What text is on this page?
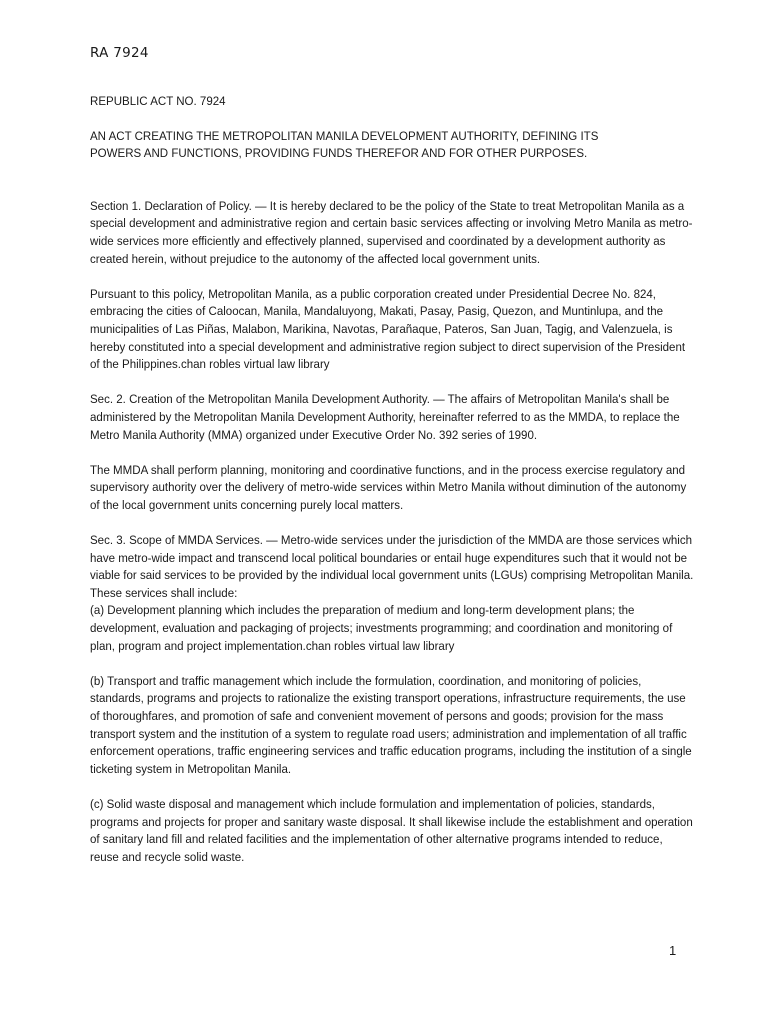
RA 7924

REPUBLIC ACT NO. 7924

AN ACT CREATING THE METROPOLITAN MANILA DEVELOPMENT AUTHORITY, DEFINING ITS
POWERS AND FUNCTIONS, PROVIDING FUNDS THEREFOR AND FOR OTHER PURPOSES.

Section 1. Declaration of Policy. — It is hereby declared to be the policy of the State to treat Metropolitan Manila as a special development and administrative region and certain basic services affecting or involving Metro Manila as metro-wide services more efficiently and effectively planned, supervised and coordinated by a development authority as created herein, without prejudice to the autonomy of the affected local government units.

Pursuant to this policy, Metropolitan Manila, as a public corporation created under Presidential Decree No. 824, embracing the cities of Caloocan, Manila, Mandaluyong, Makati, Pasay, Pasig, Quezon, and Muntinlupa, and the municipalities of Las Piñas, Malabon, Marikina, Navotas, Parañaque, Pateros, San Juan, Tagig, and Valenzuela, is hereby constituted into a special development and administrative region subject to direct supervision of the President of the Philippines.chan robles virtual law library

Sec. 2. Creation of the Metropolitan Manila Development Authority. — The affairs of Metropolitan Manila's shall be administered by the Metropolitan Manila Development Authority, hereinafter referred to as the MMDA, to replace the Metro Manila Authority (MMA) organized under Executive Order No. 392 series of 1990.

The MMDA shall perform planning, monitoring and coordinative functions, and in the process exercise regulatory and supervisory authority over the delivery of metro-wide services within Metro Manila without diminution of the autonomy of the local government units concerning purely local matters.

Sec. 3. Scope of MMDA Services. — Metro-wide services under the jurisdiction of the MMDA are those services which have metro-wide impact and transcend local political boundaries or entail huge expenditures such that it would not be viable for said services to be provided by the individual local government units (LGUs) comprising Metropolitan Manila. These services shall include:

(a) Development planning which includes the preparation of medium and long-term development plans; the development, evaluation and packaging of projects; investments programming; and coordination and monitoring of plan, program and project implementation.chan robles virtual law library

(b) Transport and traffic management which include the formulation, coordination, and monitoring of policies, standards, programs and projects to rationalize the existing transport operations, infrastructure requirements, the use of thoroughfares, and promotion of safe and convenient movement of persons and goods; provision for the mass transport system and the institution of a system to regulate road users; administration and implementation of all traffic enforcement operations, traffic engineering services and traffic education programs, including the institution of a single ticketing system in Metropolitan Manila.

(c) Solid waste disposal and management which include formulation and implementation of policies, standards, programs and projects for proper and sanitary waste disposal. It shall likewise include the establishment and operation of sanitary land fill and related facilities and the implementation of other alternative programs intended to reduce, reuse and recycle solid waste.

1
